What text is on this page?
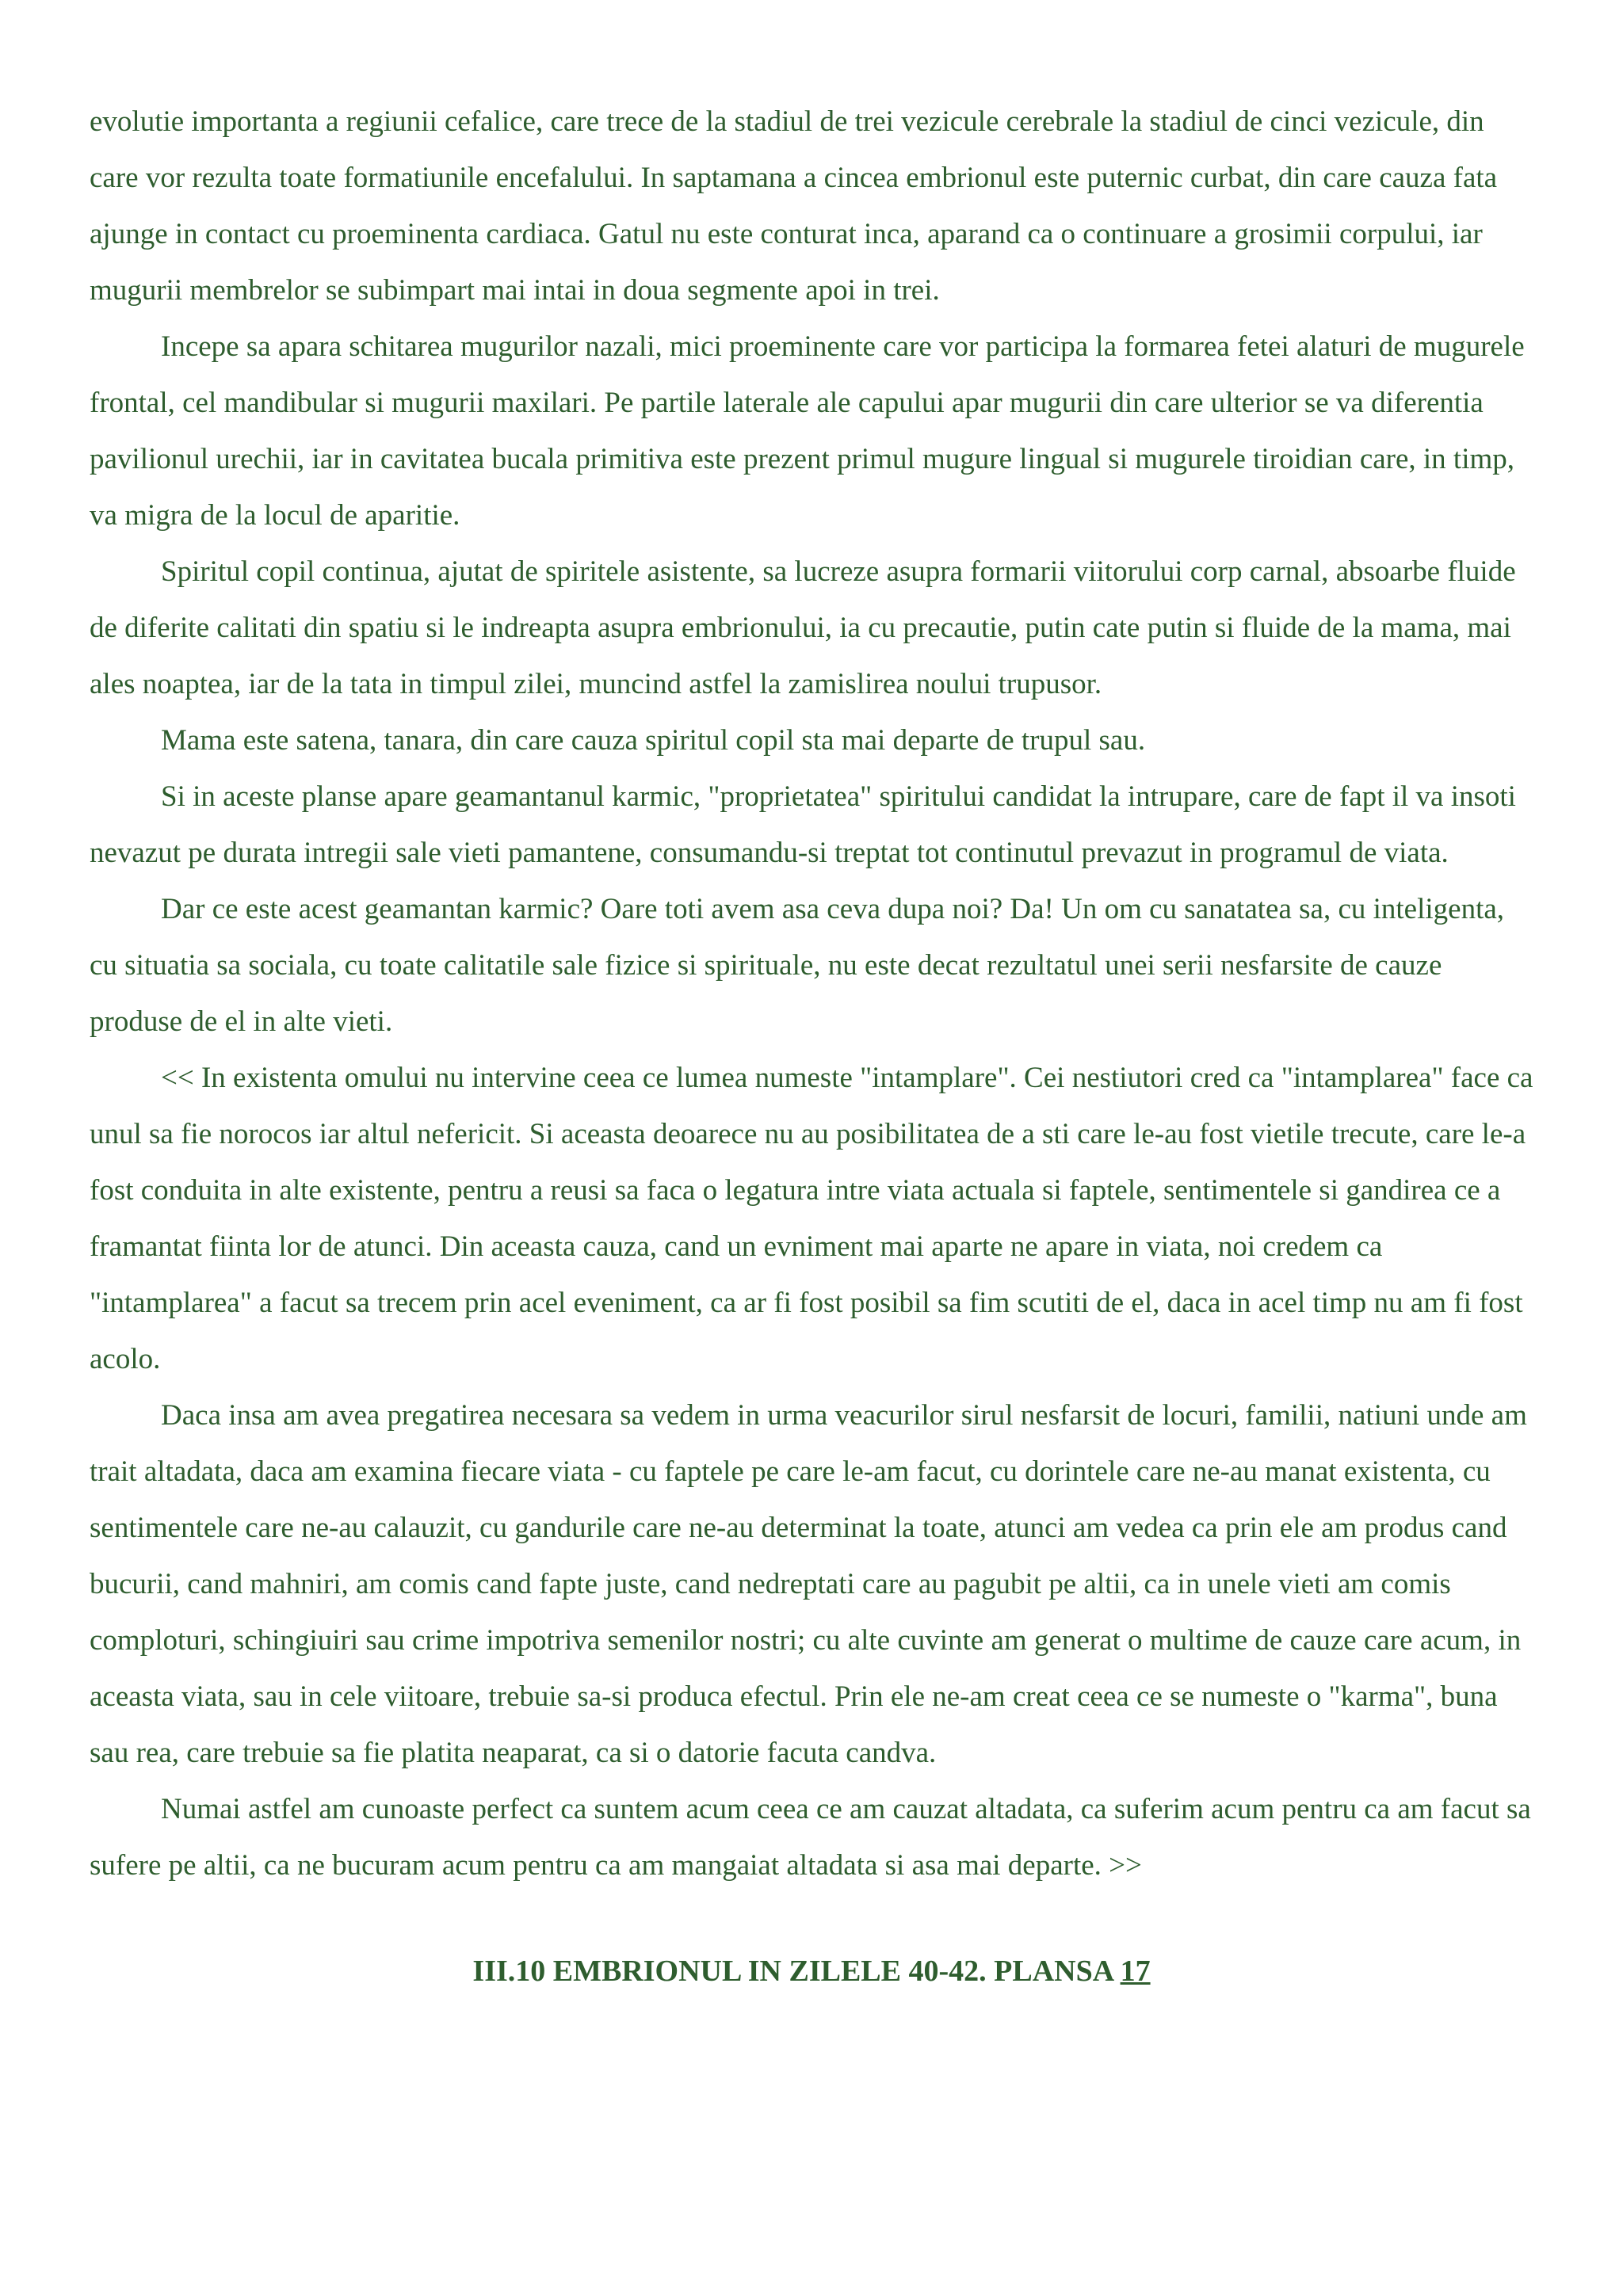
evolutie importanta a regiunii cefalice, care trece de la stadiul de trei vezicule cerebrale la stadiul de cinci vezicule, din care vor rezulta toate formatiunile encefalului. In saptamana a cincea embrionul este puternic curbat, din care cauza fata ajunge in contact cu proeminenta cardiaca. Gatul nu este conturat inca, aparand ca o continuare a grosimii corpului, iar mugurii membrelor se subimpart mai intai in doua segmente apoi in trei.

Incepe sa apara schitarea mugurilor nazali, mici proeminente care vor participa la formarea fetei alaturi de mugurele frontal, cel mandibular si mugurii maxilari. Pe partile laterale ale capului apar mugurii din care ulterior se va diferentia pavilionul urechii, iar in cavitatea bucala primitiva este prezent primul mugure lingual si mugurele tiroidian care, in timp, va migra de la locul de aparitie.

Spiritul copil continua, ajutat de spiritele asistente, sa lucreze asupra formarii viitorului corp carnal, absoarbe fluide de diferite calitati din spatiu si le indreapta asupra embrionului, ia cu precautie, putin cate putin si fluide de la mama, mai ales noaptea, iar de la tata in timpul zilei, muncind astfel la zamislirea noului trupusor.

Mama este satena, tanara, din care cauza spiritul copil sta mai departe de trupul sau.

Si in aceste planse apare geamantanul karmic, "proprietatea" spiritului candidat la intrupare, care de fapt il va insoti nevazut pe durata intregii sale vieti pamantene, consumandu-si treptat tot continutul prevazut in programul de viata.

Dar ce este acest geamantan karmic? Oare toti avem asa ceva dupa noi? Da! Un om cu sanatatea sa, cu inteligenta, cu situatia sa sociala, cu toate calitatile sale fizice si spirituale, nu este decat rezultatul unei serii nesfarsite de cauze produse de el in alte vieti.

<< In existenta omului nu intervine ceea ce lumea numeste "intamplare". Cei nestiutori cred ca "intamplarea" face ca unul sa fie norocos iar altul nefericit. Si aceasta deoarece nu au posibilitatea de a sti care le-au fost vietile trecute, care le-a fost conduita in alte existente, pentru a reusi sa faca o legatura intre viata actuala si faptele, sentimentele si gandirea ce a framantat fiinta lor de atunci. Din aceasta cauza, cand un evniment mai aparte ne apare in viata, noi credem ca "intamplarea" a facut sa trecem prin acel eveniment, ca ar fi fost posibil sa fim scutiti de el, daca in acel timp nu am fi fost acolo.

Daca insa am avea pregatirea necesara sa vedem in urma veacurilor sirul nesfarsit de locuri, familii, natiuni unde am trait altadata, daca am examina fiecare viata - cu faptele pe care le-am facut, cu dorintele care ne-au manat existenta, cu sentimentele care ne-au calauzit, cu gandurile care ne-au determinat la toate, atunci am vedea ca prin ele am produs cand bucurii, cand mahniri, am comis cand fapte juste, cand nedreptati care au pagubit pe altii, ca in unele vieti am comis comploturi, schingiuiri sau crime impotriva semenilor nostri; cu alte cuvinte am generat o multime de cauze care acum, in aceasta viata, sau in cele viitoare, trebuie sa-si produca efectul. Prin ele ne-am creat ceea ce se numeste o "karma", buna sau rea, care trebuie sa fie platita neaparat, ca si o datorie facuta candva.

Numai astfel am cunoaste perfect ca suntem acum ceea ce am cauzat altadata, ca suferim acum pentru ca am facut sa sufere pe altii, ca ne bucuram acum pentru ca am mangaiat altadata si asa mai departe. >>

III.10 EMBRIONUL IN ZILELE 40-42. PLANSA 17
